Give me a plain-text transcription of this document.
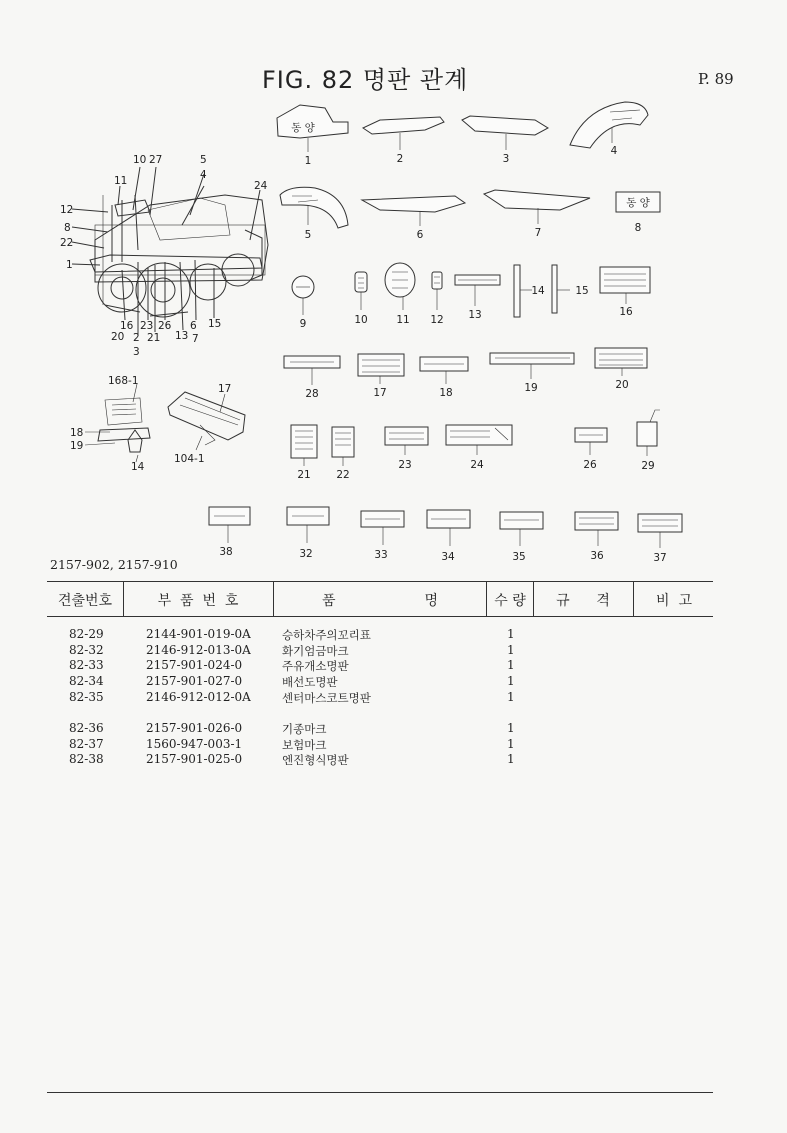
FIG. 82 명판 관계	P. 89
10 27	5
4
11	24
12
8
22
1
16 23 26 6 15
20 2 21 13 7
3
동 양
1	2	3
4
5	6	7
동 양
8
9	10	11 12 13
14	15
16
28	17	18	19	20
168-1
18
19
14
17
104-1
21 22
23	24	26	29
38	32	33	34	35	36	37
2157-902, 2157-910
견출번호	부  품  번  호	품                    명	수 량	규      격	비  고
82-29	2144-901-019-0A	승하차주의꼬리표	1
82-32	2146-912-013-0A	화기엄금마크	1
82-33	2157-901-024-0	주유개소명판	1
82-34	2157-901-027-0	배선도명판	1
82-35	2146-912-012-0A	센터마스코트명판	1
82-36	2157-901-026-0	기종마크	1
82-37	1560-947-003-1	보험마크	1
82-38	2157-901-025-0	엔진형식명판	1
